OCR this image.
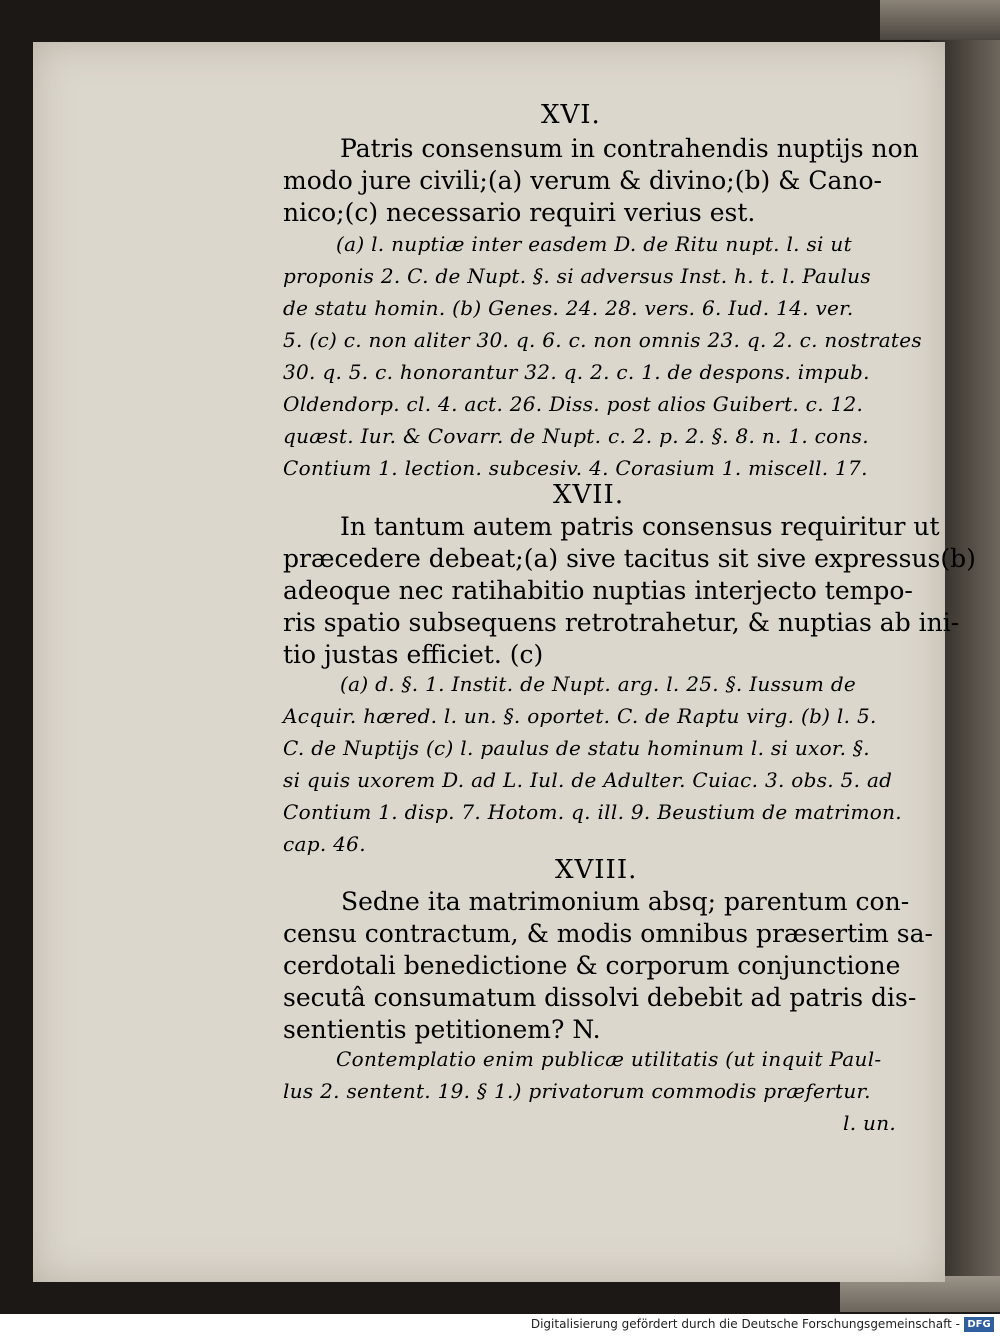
XVI.
Patris consensum in contrahendis nuptijs non
modo jure civili;(a) verum & divino;(b) & Cano-
nico;(c) necessario requiri verius est.
(a) l. nuptiæ inter easdem D. de Ritu nupt. l. si ut
proponis 2. C. de Nupt. §. si adversus Inst. h. t. l. Paulus
de statu homin. (b) Genes. 24. 28. vers. 6. Iud. 14. ver.
5. (c) c. non aliter 30. q. 6. c. non omnis 23. q. 2. c. nostrates
30. q. 5. c. honorantur 32. q. 2. c. 1. de despons. impub.
Oldendorp. cl. 4. act. 26. Diss. post alios Guibert. c. 12.
quæst. Iur. & Covarr. de Nupt. c. 2. p. 2. §. 8. n. 1. cons.
Contium 1. lection. subcesiv. 4. Corasium 1. miscell. 17.
XVII.
In tantum autem patris consensus requiritur ut
præcedere debeat;(a) sive tacitus sit sive expressus(b)
adeoque nec ratihabitio nuptias interjecto tempo-
ris spatio subsequens retrotrahetur, & nuptias ab ini-
tio justas efficiet. (c)
(a) d. §. 1. Instit. de Nupt. arg. l. 25. §. Iussum de
Acquir. hæred. l. un. §. oportet. C. de Raptu virg. (b) l. 5.
C. de Nuptijs (c) l. paulus de statu hominum l. si uxor. §.
si quis uxorem D. ad L. Iul. de Adulter. Cuiac. 3. obs. 5. ad
Contium 1. disp. 7. Hotom. q. ill. 9. Beustium de matrimon.
cap. 46.
XVIII.
Sedne ita matrimonium absq; parentum con-
censu contractum, & modis omnibus præsertim sa-
cerdotali benedictione & corporum conjunctione
secutâ consumatum dissolvi debebit ad patris dis-
sentientis petitionem? N.
Contemplatio enim publicæ utilitatis (ut inquit Paul-
lus 2. sentent. 19. § 1.) privatorum commodis præfertur.
l. un.
Digitalisierung gefördert durch die Deutsche Forschungsgemeinschaft - DFG
